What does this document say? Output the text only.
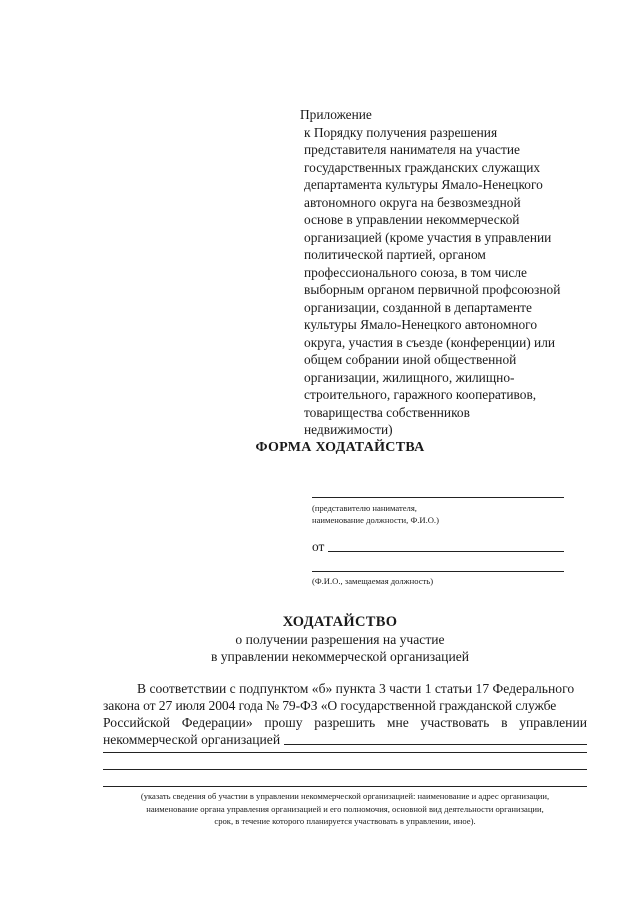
Приложение
к Порядку получения разрешения
представителя нанимателя на участие
государственных гражданских служащих
департамента культуры Ямало-Ненецкого
автономного округа на безвозмездной
основе в управлении некоммерческой
организацией (кроме участия в управлении
политической партией, органом
профессионального союза, в том числе
выборным органом первичной профсоюзной
организации, созданной в департаменте
культуры Ямало-Ненецкого автономного
округа, участия в съезде (конференции) или
общем собрании иной общественной
организации, жилищного, жилищно-
строительного, гаражного кооперативов,
товарищества собственников
недвижимости)
ФОРМА ХОДАТАЙСТВА
(представителю нанимателя,
наименование должности, Ф.И.О.)
от
(Ф.И.О., замещаемая должность)
ХОДАТАЙСТВО
о получении разрешения на участие
в управлении некоммерческой организацией
В соответствии с подпунктом «б» пункта 3 части 1 статьи 17 Федерального
закона от 27 июля 2004 года № 79-ФЗ «О государственной гражданской службе
Российской Федерации» прошу разрешить мне участвовать в управлении
некоммерческой организацией
(указать сведения об участии в управлении некоммерческой организацией: наименование и адрес организации,
наименование органа управления организацией и его полномочия, основной вид деятельности организации,
срок, в течение которого планируется участвовать в управлении, иное).
